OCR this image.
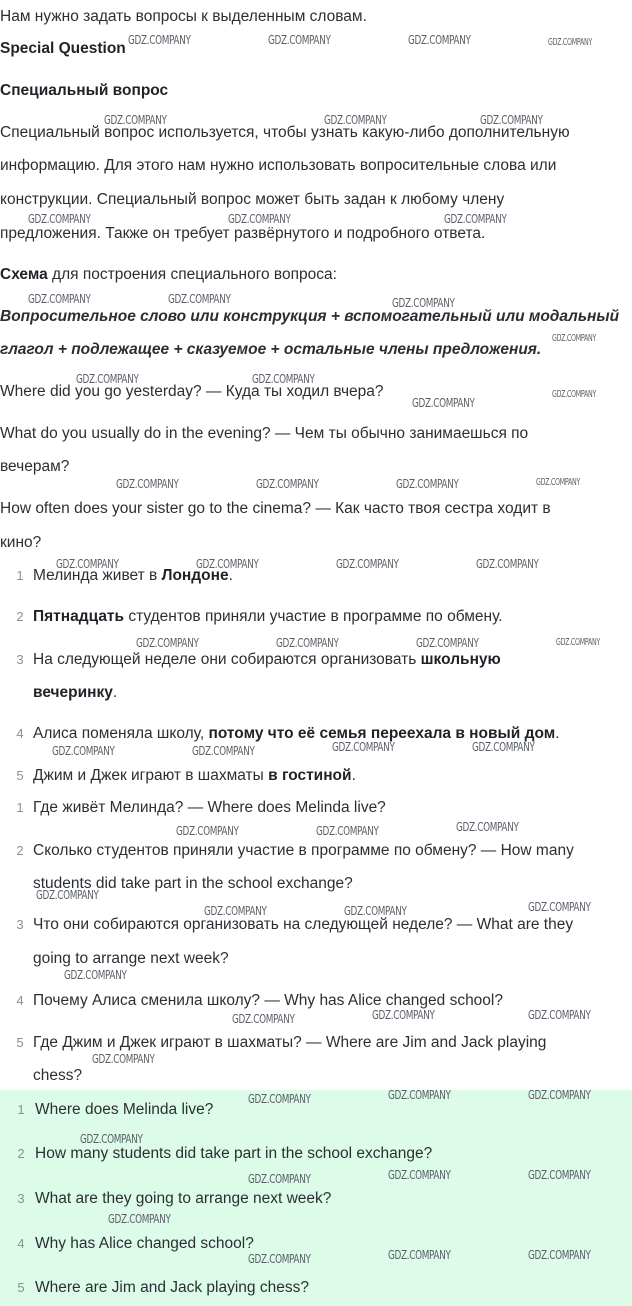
Нам нужно задать вопросы к выделенным словам.
Special Question
Специальный вопрос
Специальный вопрос используется, чтобы узнать какую-либо дополнительную
информацию. Для этого нам нужно использовать вопросительные слова или
конструкции. Специальный вопрос может быть задан к любому члену
предложения. Также он требует развёрнутого и подробного ответа.
Схема для построения специального вопроса:
Вопросительное слово или конструкция + вспомогательный или модальный
глагол + подлежащее + сказуемое + остальные члены предложения.
Where did you go yesterday? — Куда ты ходил вчера?
What do you usually do in the evening? — Чем ты обычно занимаешься по
вечерам?
How often does your sister go to the cinema? — Как часто твоя сестра ходит в
кино?
1 Мелинда живет в Лондоне.
2 Пятнадцать студентов приняли участие в программе по обмену.
3 На следующей неделе они собираются организовать школьную
вечеринку.
4 Алиса поменяла школу, потому что её семья переехала в новый дом.
5 Джим и Джек играют в шахматы в гостиной.
1 Где живёт Мелинда? — Where does Melinda live?
2 Сколько студентов приняли участие в программе по обмену? — How many
students did take part in the school exchange?
3 Что они собираются организовать на следующей неделе? — What are they
going to arrange next week?
4 Почему Алиса сменила школу? — Why has Alice changed school?
5 Где Джим и Джек играют в шахматы? — Where are Jim and Jack playing
chess?
1 Where does Melinda live?
2 How many students did take part in the school exchange?
3 What are they going to arrange next week?
4 Why has Alice changed school?
5 Where are Jim and Jack playing chess?
GDZ.COMPANY	GDZ.COMPANY	GDZ.COMPANY	GDZ.COMPANY
GDZ.COMPANY	GDZ.COMPANY	GDZ.COMPANY
GDZ.COMPANY	GDZ.COMPANY	GDZ.COMPANY
GDZ.COMPANY	GDZ.COMPANY	GDZ.COMPANY
GDZ.COMPANY
GDZ.COMPANY	GDZ.COMPANY
GDZ.COMPANY
GDZ.COMPANY
GDZ.COMPANY	GDZ.COMPANY	GDZ.COMPANY	GDZ.COMPANY
GDZ.COMPANY	GDZ.COMPANY	GDZ.COMPANY	GDZ.COMPANY
GDZ.COMPANY	GDZ.COMPANY	GDZ.COMPANY	GDZ.COMPANY
GDZ.COMPANY	GDZ.COMPANY	GDZ.COMPANY	GDZ.COMPANY
GDZ.COMPANY	GDZ.COMPANY	GDZ.COMPANY
GDZ.COMPANY
GDZ.COMPANY	GDZ.COMPANY	GDZ.COMPANY
GDZ.COMPANY
GDZ.COMPANY	GDZ.COMPANY	GDZ.COMPANY
GDZ.COMPANY
GDZ.COMPANY	GDZ.COMPANY	GDZ.COMPANY
GDZ.COMPANY
GDZ.COMPANY	GDZ.COMPANY	GDZ.COMPANY
GDZ.COMPANY
GDZ.COMPANY	GDZ.COMPANY	GDZ.COMPANY
